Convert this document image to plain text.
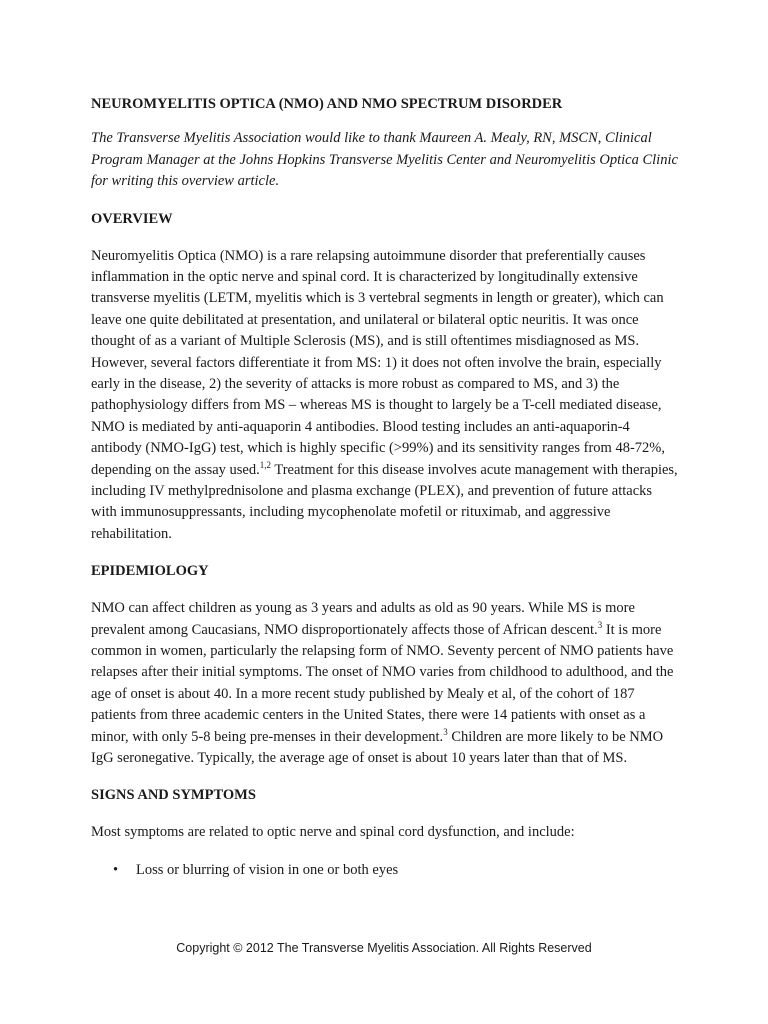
NEUROMYELITIS OPTICA (NMO) AND NMO SPECTRUM DISORDER

The Transverse Myelitis Association would like to thank Maureen A. Mealy, RN, MSCN, Clinical Program Manager at the Johns Hopkins Transverse Myelitis Center and Neuromyelitis Optica Clinic for writing this overview article.

OVERVIEW

Neuromyelitis Optica (NMO) is a rare relapsing autoimmune disorder that preferentially causes inflammation in the optic nerve and spinal cord. It is characterized by longitudinally extensive transverse myelitis (LETM, myelitis which is 3 vertebral segments in length or greater), which can leave one quite debilitated at presentation, and unilateral or bilateral optic neuritis. It was once thought of as a variant of Multiple Sclerosis (MS), and is still oftentimes misdiagnosed as MS. However, several factors differentiate it from MS: 1) it does not often involve the brain, especially early in the disease, 2) the severity of attacks is more robust as compared to MS, and 3) the pathophysiology differs from MS – whereas MS is thought to largely be a T-cell mediated disease, NMO is mediated by anti-aquaporin 4 antibodies. Blood testing includes an anti-aquaporin-4 antibody (NMO-IgG) test, which is highly specific (>99%) and its sensitivity ranges from 48-72%, depending on the assay used.$^{1,2}$ Treatment for this disease involves acute management with therapies, including IV methylprednisolone and plasma exchange (PLEX), and prevention of future attacks with immunosuppressants, including mycophenolate mofetil or rituximab, and aggressive rehabilitation.

EPIDEMIOLOGY

NMO can affect children as young as 3 years and adults as old as 90 years. While MS is more prevalent among Caucasians, NMO disproportionately affects those of African descent.$^3$ It is more common in women, particularly the relapsing form of NMO. Seventy percent of NMO patients have relapses after their initial symptoms. The onset of NMO varies from childhood to adulthood, and the age of onset is about 40. In a more recent study published by Mealy et al, of the cohort of 187 patients from three academic centers in the United States, there were 14 patients with onset as a minor, with only 5-8 being pre-menses in their development.$^3$ Children are more likely to be NMO IgG seronegative. Typically, the average age of onset is about 10 years later than that of MS.

SIGNS AND SYMPTOMS

Most symptoms are related to optic nerve and spinal cord dysfunction, and include:

• Loss or blurring of vision in one or both eyes
Copyright © 2012 The Transverse Myelitis Association. All Rights Reserved
